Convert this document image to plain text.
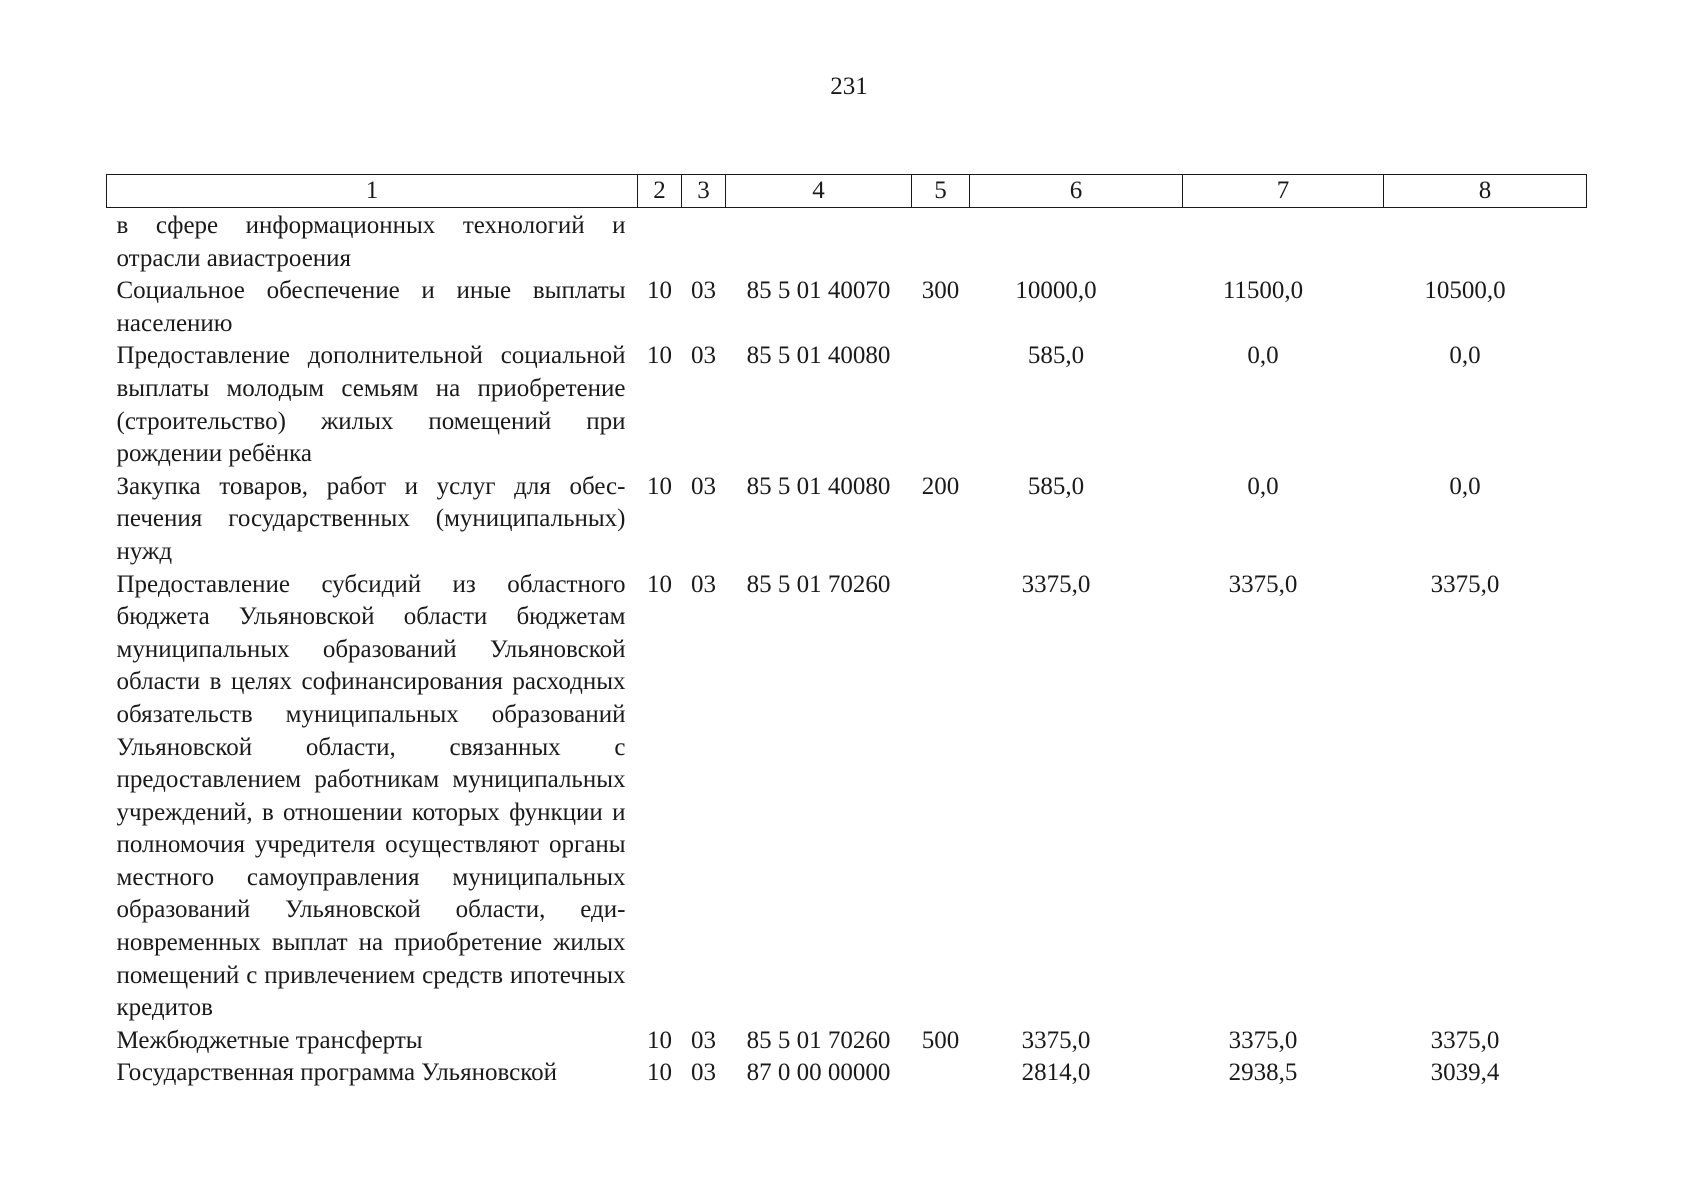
231
1	2	3	4	5	6	7	8
в сфере информационных технологий и отрасли авиастроения							
Социальное обеспечение и иные выплаты населению	10	03	85 5 01 40070	300	10000,0	11500,0	10500,0
Предоставление дополнительной социальной выплаты молодым семьям на приобретение (строительство) жилых помещений при рождении ребёнка	10	03	85 5 01 40080		585,0	0,0	0,0
Закупка товаров, работ и услуг для обеспечения государственных (муниципальных) нужд	10	03	85 5 01 40080	200	585,0	0,0	0,0
Предоставление субсидий из областного бюджета Ульяновской области бюджетам муниципальных образований Ульяновской области в целях софинансирования расходных обязательств муниципальных образований Ульяновской области, связанных с предоставлением работникам муниципальных учреждений, в отношении которых функции и полномочия учредителя осуществляют органы местного самоуправления муниципальных образований Ульяновской области, единовременных выплат на приобретение жилых помещений с привлечением средств ипотечных кредитов	10	03	85 5 01 70260		3375,0	3375,0	3375,0
Межбюджетные трансферты	10	03	85 5 01 70260	500	3375,0	3375,0	3375,0
Государственная программа Ульяновской	10	03	87 0 00 00000		2814,0	2938,5	3039,4
